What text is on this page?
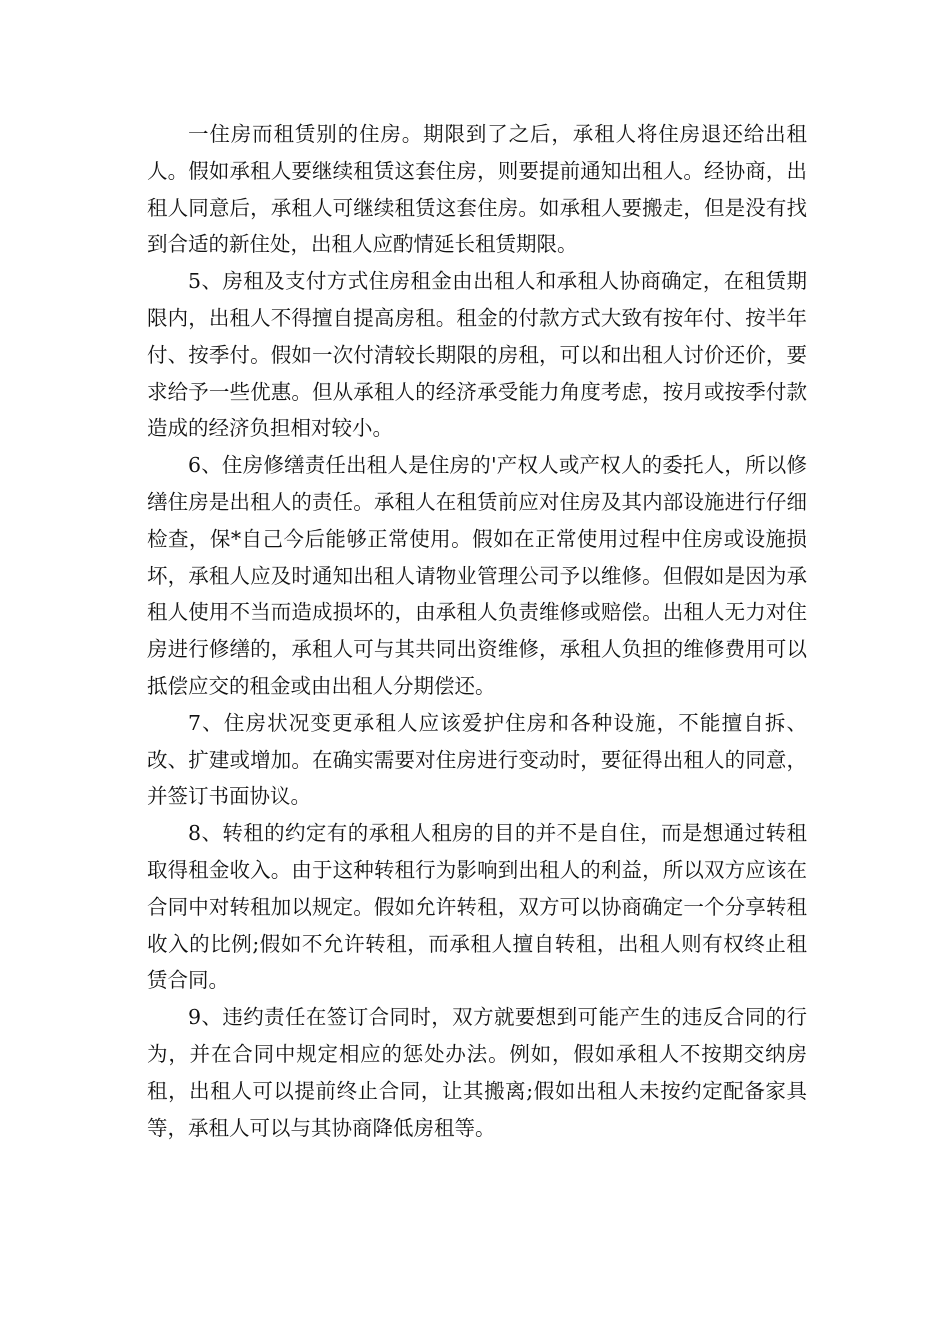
一住房而租赁别的住房。期限到了之后，承租人将住房退还给出租人。假如承租人要继续租赁这套住房，则要提前通知出租人。经协商，出租人同意后，承租人可继续租赁这套住房。如承租人要搬走，但是没有找到合适的新住处，出租人应酌情延长租赁期限。

5、房租及支付方式住房租金由出租人和承租人协商确定，在租赁期限内，出租人不得擅自提高房租。租金的付款方式大致有按年付、按半年付、按季付。假如一次付清较长期限的房租，可以和出租人讨价还价，要求给予一些优惠。但从承租人的经济承受能力角度考虑，按月或按季付款造成的经济负担相对较小。

6、住房修缮责任出租人是住房的'产权人或产权人的委托人，所以修缮住房是出租人的责任。承租人在租赁前应对住房及其内部设施进行仔细检查，保*自己今后能够正常使用。假如在正常使用过程中住房或设施损坏，承租人应及时通知出租人请物业管理公司予以维修。但假如是因为承租人使用不当而造成损坏的，由承租人负责维修或赔偿。出租人无力对住房进行修缮的，承租人可与其共同出资维修，承租人负担的维修费用可以抵偿应交的租金或由出租人分期偿还。

7、住房状况变更承租人应该爱护住房和各种设施，不能擅自拆、改、扩建或增加。在确实需要对住房进行变动时，要征得出租人的同意，并签订书面协议。

8、转租的约定有的承租人租房的目的并不是自住，而是想通过转租取得租金收入。由于这种转租行为影响到出租人的利益，所以双方应该在合同中对转租加以规定。假如允许转租，双方可以协商确定一个分享转租收入的比例;假如不允许转租，而承租人擅自转租，出租人则有权终止租赁合同。

9、违约责任在签订合同时，双方就要想到可能产生的违反合同的行为，并在合同中规定相应的惩处办法。例如，假如承租人不按期交纳房租，出租人可以提前终止合同，让其搬离;假如出租人未按约定配备家具等，承租人可以与其协商降低房租等。
